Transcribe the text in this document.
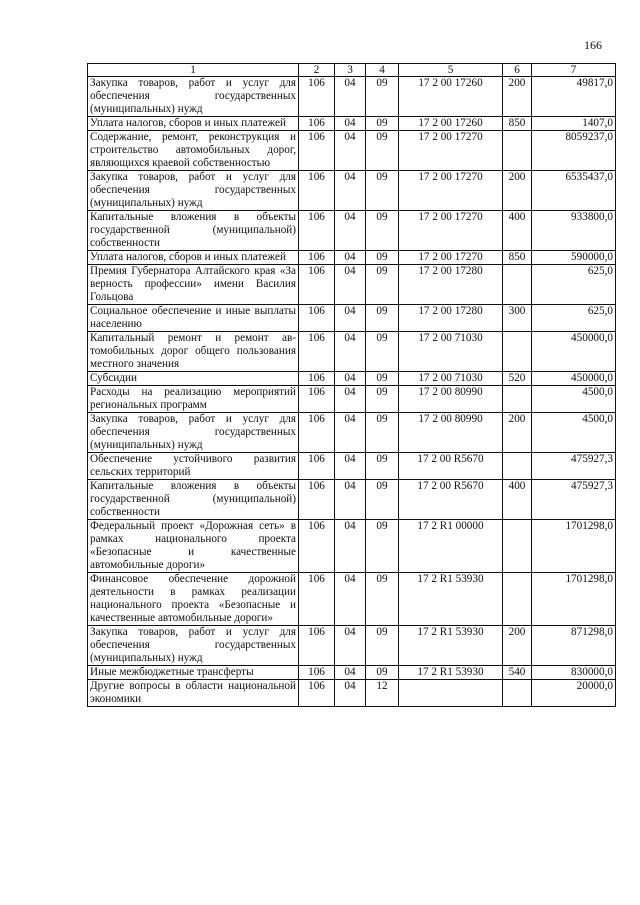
166
1	2	3	4	5	6	7
Закупка товаров, работ и услуг для обеспечения государственных (муниципальных) нужд	106	04	09	17 2 00 17260	200	49817,0
Уплата налогов, сборов и иных платежей	106	04	09	17 2 00 17260	850	1407,0
Содержание, ремонт, реконструкция и строительство автомобильных дорог, являющихся краевой собственностью	106	04	09	17 2 00 17270		8059237,0
Закупка товаров, работ и услуг для обеспечения государственных (муниципальных) нужд	106	04	09	17 2 00 17270	200	6535437,0
Капитальные вложения в объекты государственной (муниципальной) собственности	106	04	09	17 2 00 17270	400	933800,0
Уплата налогов, сборов и иных платежей	106	04	09	17 2 00 17270	850	590000,0
Премия Губернатора Алтайского края «За верность профессии» имени Василия Гольцова	106	04	09	17 2 00 17280		625,0
Социальное обеспечение и иные выплаты населению	106	04	09	17 2 00 17280	300	625,0
Капитальный ремонт и ремонт автомобильных дорог общего пользования местного значения	106	04	09	17 2 00 71030		450000,0
Субсидии	106	04	09	17 2 00 71030	520	450000,0
Расходы на реализацию мероприятий региональных программ	106	04	09	17 2 00 80990		4500,0
Закупка товаров, работ и услуг для обеспечения государственных (муниципальных) нужд	106	04	09	17 2 00 80990	200	4500,0
Обеспечение устойчивого развития сельских территорий	106	04	09	17 2 00 R5670		475927,3
Капитальные вложения в объекты государственной (муниципальной) собственности	106	04	09	17 2 00 R5670	400	475927,3
Федеральный проект «Дорожная сеть» в рамках национального проекта «Безопасные и качественные автомобильные дороги»	106	04	09	17 2 R1 00000		1701298,0
Финансовое обеспечение дорожной деятельности в рамках реализации национального проекта «Безопасные и качественные автомобильные дороги»	106	04	09	17 2 R1 53930		1701298,0
Закупка товаров, работ и услуг для обеспечения государственных (муниципальных) нужд	106	04	09	17 2 R1 53930	200	871298,0
Иные межбюджетные трансферты	106	04	09	17 2 R1 53930	540	830000,0
Другие вопросы в области национальной экономики	106	04	12			20000,0
